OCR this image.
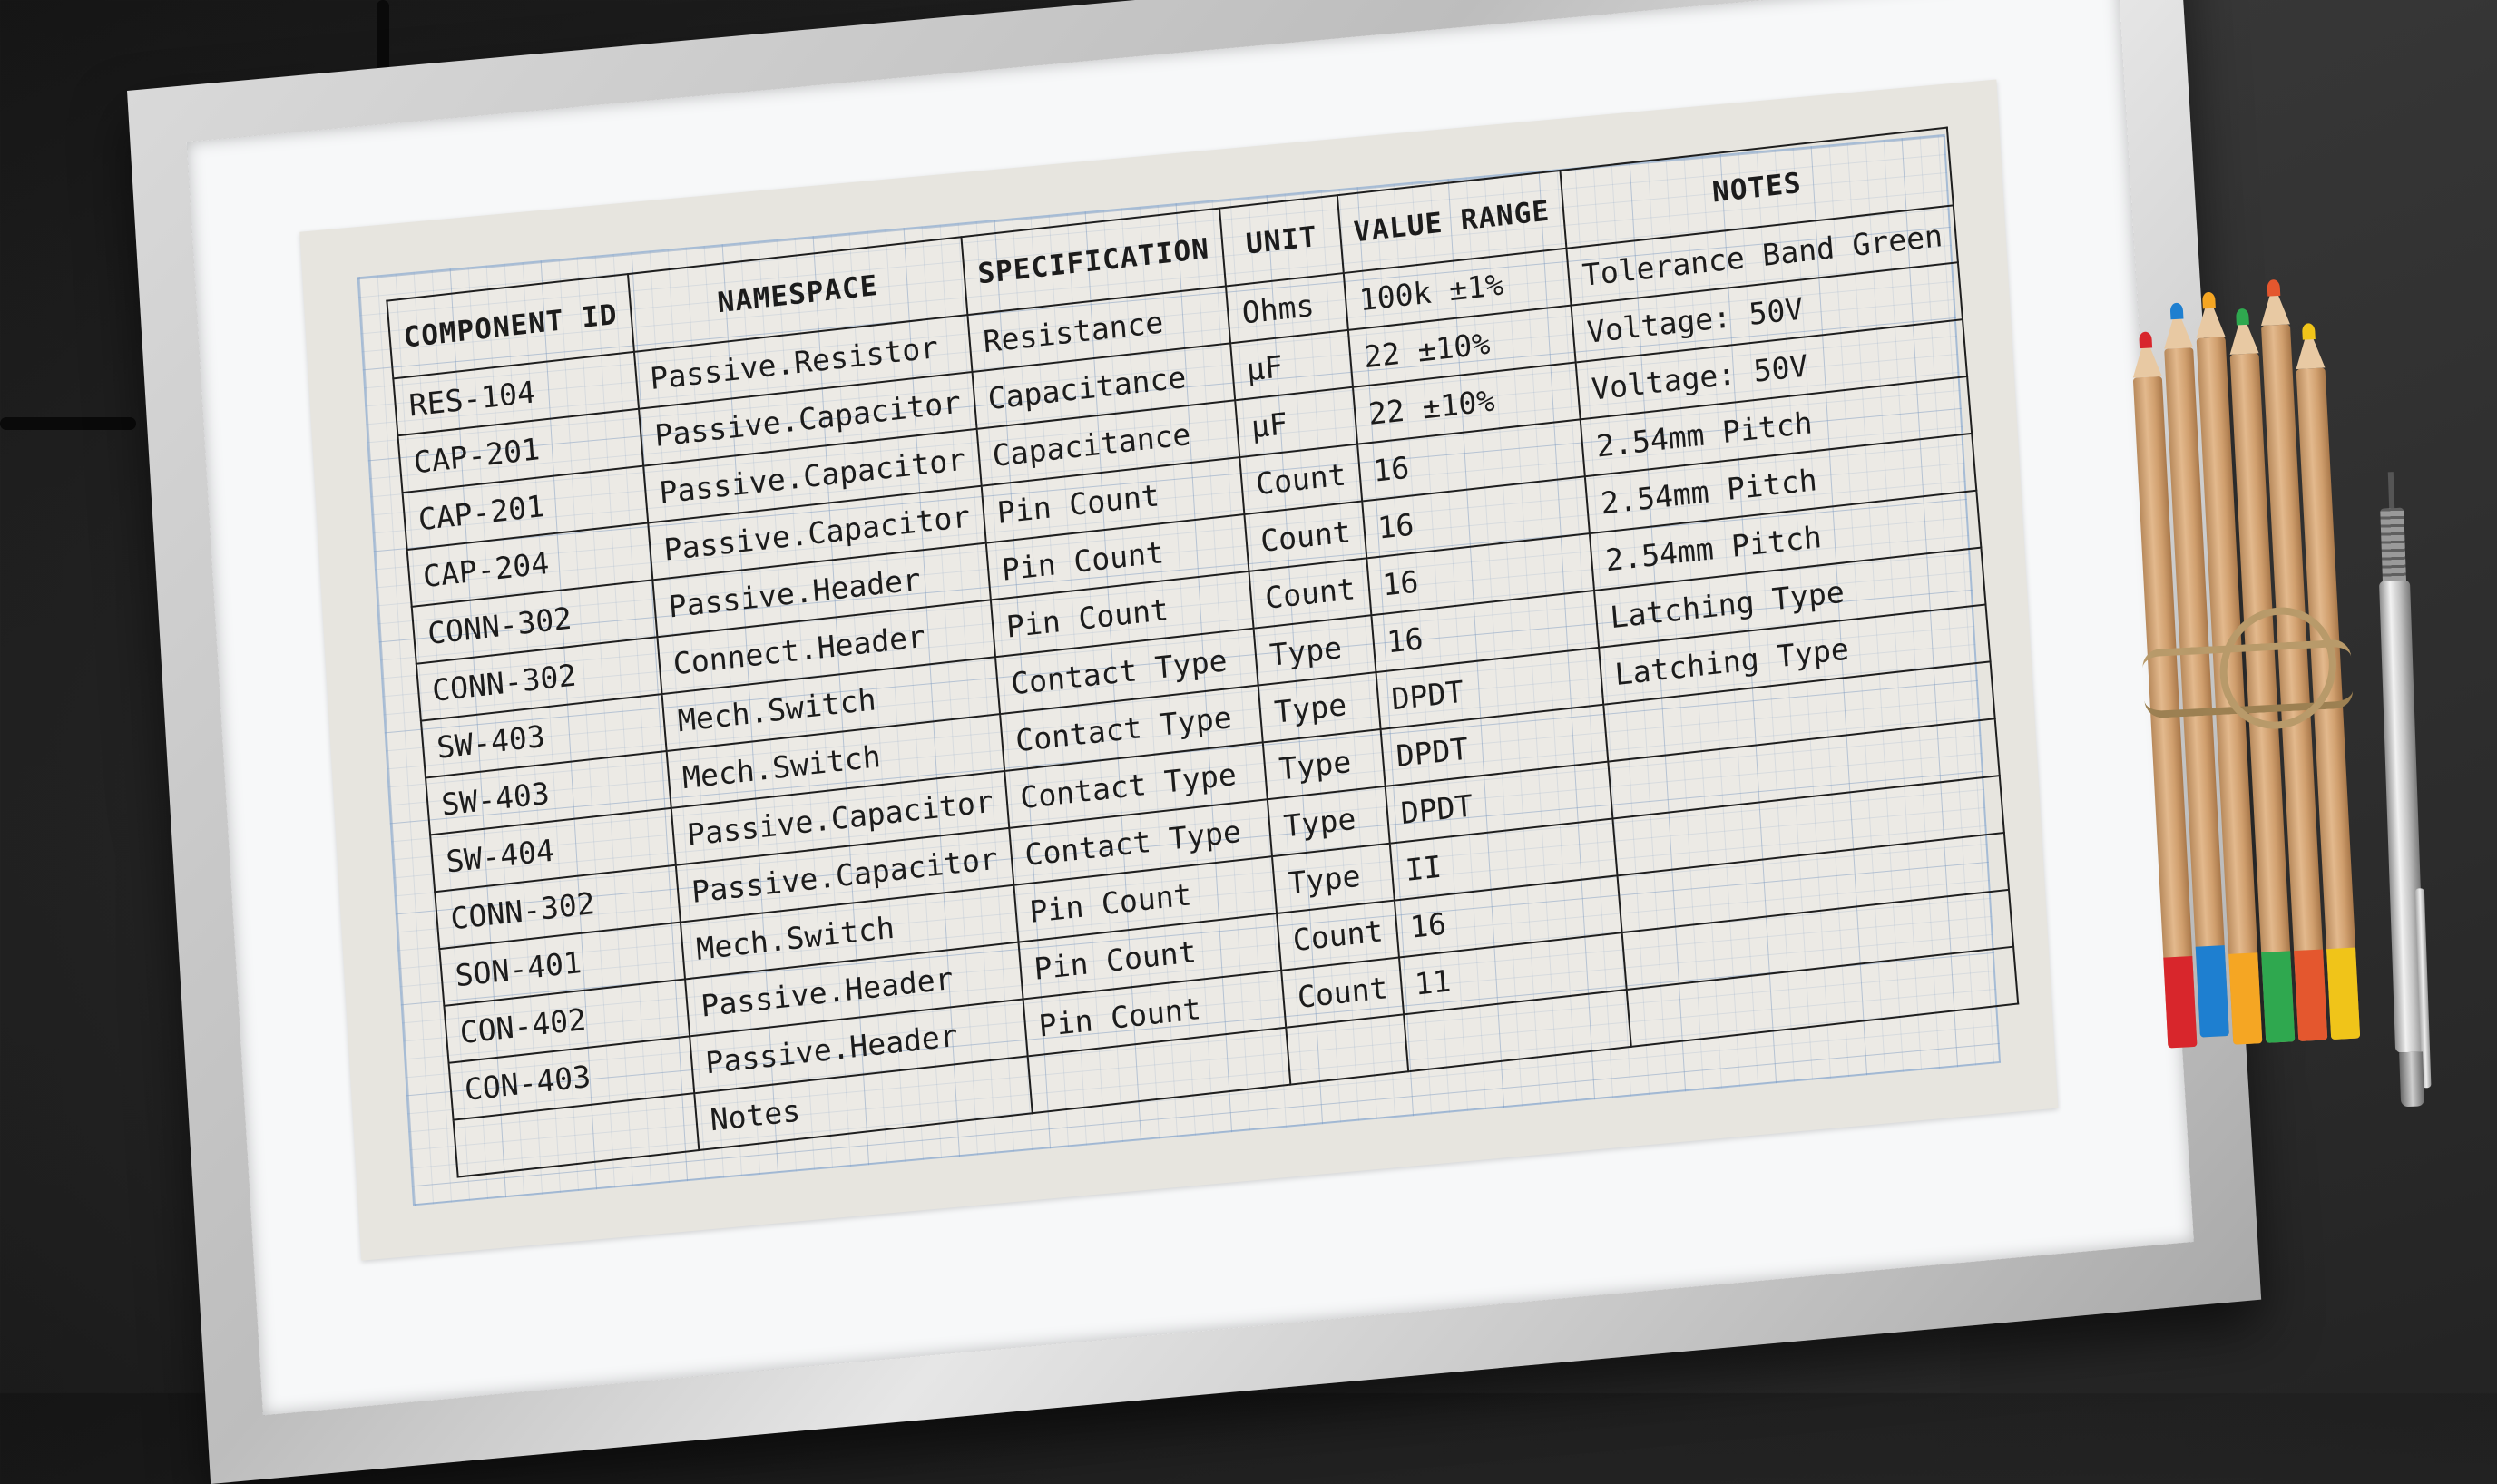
COMPONENT ID	NAMESPACE	SPECIFICATION	UNIT	VALUE RANGE	NOTES
RES-104	Passive.Resistor	Resistance	Ohms	100k ±1%	Tolerance Band Green
CAP-201	Passive.Capacitor	Capacitance	µF	22 ±10%	Voltage: 50V
CAP-201	Passive.Capacitor	Capacitance	µF	22 ±10%	Voltage: 50V
CAP-204	Passive.Capacitor	Pin Count	Count	16	2.54mm Pitch
CONN-302	Passive.Header	Pin Count	Count	16	2.54mm Pitch
CONN-302	Connect.Header	Pin Count	Count	16	2.54mm Pitch
SW-403	Mech.Switch	Contact Type	Type	16	Latching Type
SW-403	Mech.Switch	Contact Type	Type	DPDT	Latching Type
SW-404	Passive.Capacitor	Contact Type	Type	DPDT	
CONN-302	Passive.Capacitor	Contact Type	Type	DPDT	
SON-401	Mech.Switch	Pin Count	Type	II	
CON-402	Passive.Header	Pin Count	Count	16	
CON-403	Passive.Header	Pin Count	Count	11	
	Notes				
